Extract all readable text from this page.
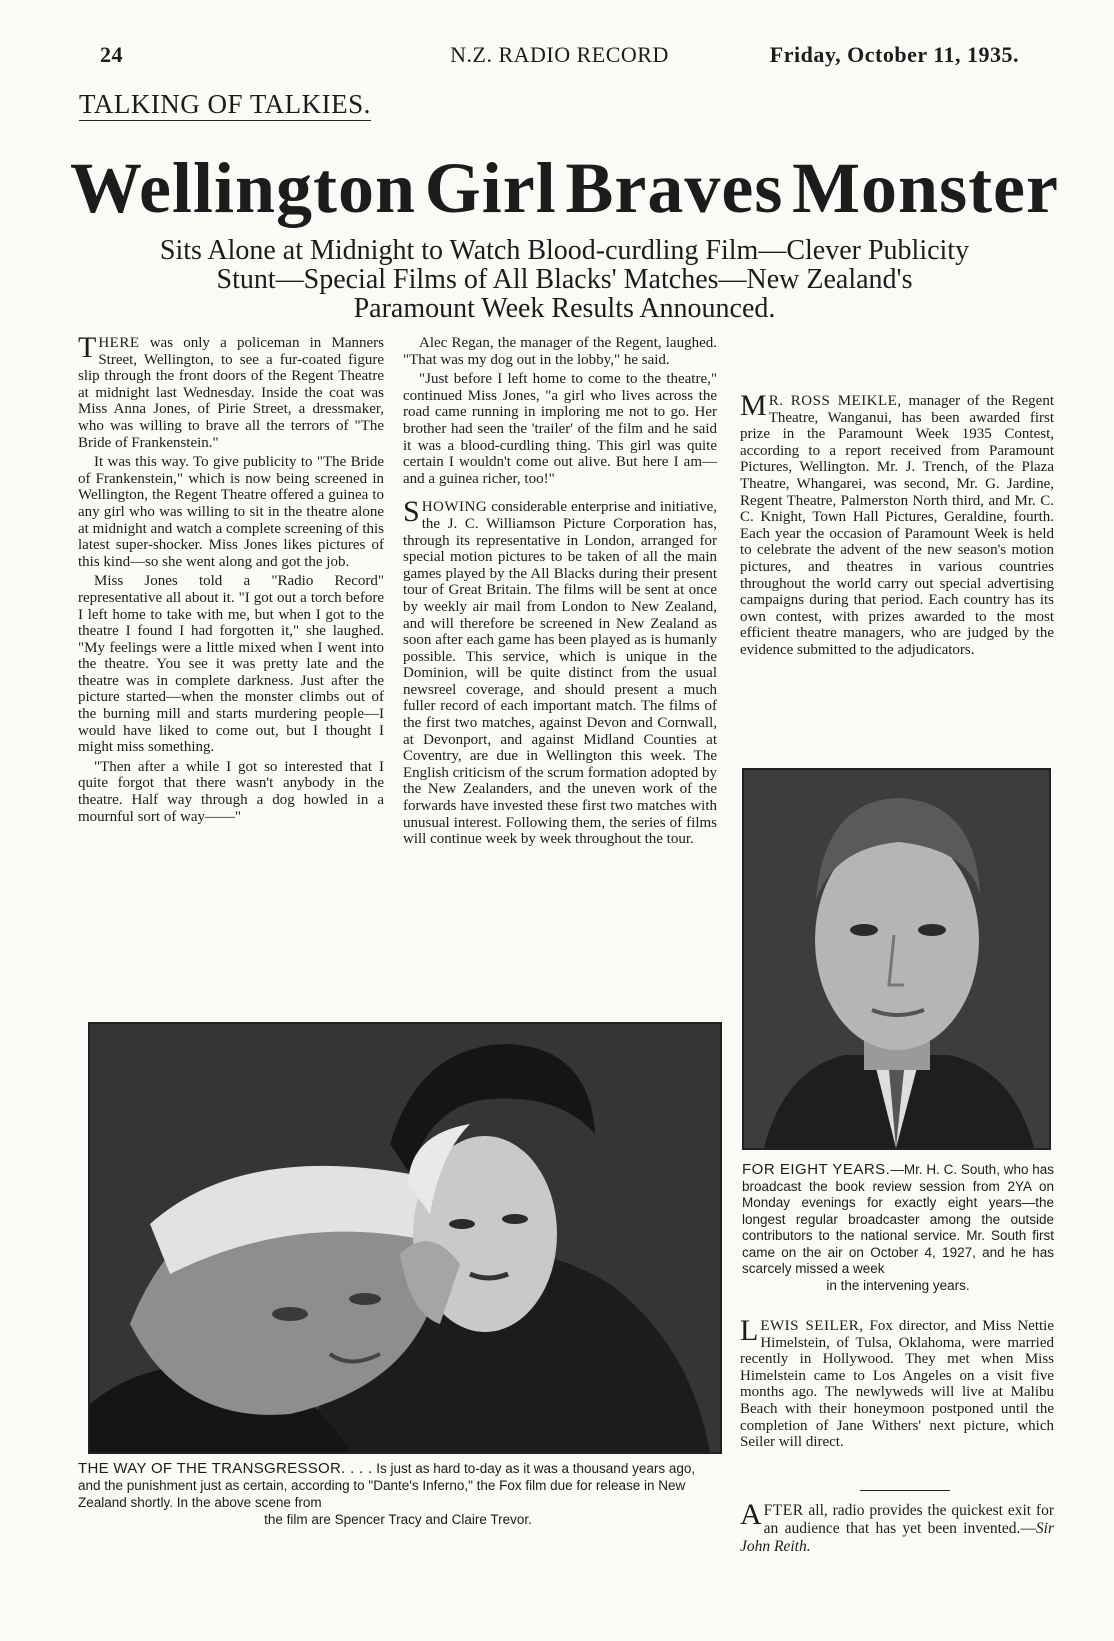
24	N.Z. RADIO RECORD	Friday, October 11, 1935.
TALKING OF TALKIES.
Wellington Girl Braves Monster
Sits Alone at Midnight to Watch Blood-curdling Film—Clever Publicity
Stunt—Special Films of All Blacks' Matches—New Zealand's
Paramount Week Results Announced.

THERE was only a policeman in Manners Street, Wellington, to see a fur-coated figure slip through the front doors of the Regent Theatre at midnight last Wednesday. Inside the coat was Miss Anna Jones, of Pirie Street, a dressmaker, who was willing to brave all the terrors of "The Bride of Frankenstein."

It was this way. To give publicity to "The Bride of Frankenstein," which is now being screened in Wellington, the Regent Theatre offered a guinea to any girl who was willing to sit in the theatre alone at midnight and watch a complete screening of this latest super-shocker. Miss Jones likes pictures of this kind—so she went along and got the job.

Miss Jones told a "Radio Record" representative all about it. "I got out a torch before I left home to take with me, but when I got to the theatre I found I had forgotten it," she laughed. "My feelings were a little mixed when I went into the theatre. You see it was pretty late and the theatre was in complete darkness. Just after the picture started—when the monster climbs out of the burning mill and starts murdering people—I would have liked to come out, but I thought I might miss something.

"Then after a while I got so interested that I quite forgot that there wasn't anybody in the theatre. Half way through a dog howled in a mournful sort of way——"

Alec Regan, the manager of the Regent, laughed. "That was my dog out in the lobby," he said.

"Just before I left home to come to the theatre," continued Miss Jones, "a girl who lives across the road came running in imploring me not to go. Her brother had seen the 'trailer' of the film and he said it was a blood-curdling thing. This girl was quite certain I wouldn't come out alive. But here I am—and a guinea richer, too!"

SHOWING considerable enterprise and initiative, the J. C. Williamson Picture Corporation has, through its representative in London, arranged for special motion pictures to be taken of all the main games played by the All Blacks during their present tour of Great Britain. The films will be sent at once by weekly air mail from London to New Zealand, and will therefore be screened in New Zealand as soon after each game has been played as is humanly possible. This service, which is unique in the Dominion, will be quite distinct from the usual newsreel coverage, and should present a much fuller record of each important match. The films of the first two matches, against Devon and Cornwall, at Devonport, and against Midland Counties at Coventry, are due in Wellington this week. The English criticism of the scrum formation adopted by the New Zealanders, and the uneven work of the forwards have invested these first two matches with unusual interest. Following them, the series of films will continue week by week throughout the tour.

M R. ROSS MEIKLE, manager of the Regent Theatre, Wanganui, has been awarded first prize in the Paramount Week 1935 Contest, according to a report received from Paramount Pictures, Wellington. Mr. J. Trench, of the Plaza Theatre, Whangarei, was second, Mr. G. Jardine, Regent Theatre, Palmerston North third, and Mr. C. C. Knight, Town Hall Pictures, Geraldine, fourth. Each year the occasion of Paramount Week is held to celebrate the advent of the new season's motion pictures, and theatres in various countries throughout the world carry out special advertising campaigns during that period. Each country has its own contest, with prizes awarded to the most efficient theatre managers, who are judged by the evidence submitted to the adjudicators.

FOR EIGHT YEARS.—Mr. H. C. South, who has broadcast the book review session from 2YA on Monday evenings for exactly eight years—the longest regular broadcaster among the outside contributors to the national service. Mr. South first came on the air on October 4, 1927, and he has scarcely missed a week
in the intervening years.

LEWIS SEILER, Fox director, and Miss Nettie Himelstein, of Tulsa, Oklahoma, were married recently in Hollywood. They met when Miss Himelstein came to Los Angeles on a visit five months ago. The newlyweds will live at Malibu Beach with their honeymoon postponed until the completion of Jane Withers' next picture, which Seiler will direct.

AFTER all, radio provides the quickest exit for an audience that has yet been invented.—Sir John Reith.

THE WAY OF THE TRANSGRESSOR. . . . Is just as hard to-day as it was a thousand years ago, and the punishment just as certain, according to "Dante's Inferno," the Fox film due for release in New Zealand shortly. In the above scene from
the film are Spencer Tracy and Claire Trevor.
